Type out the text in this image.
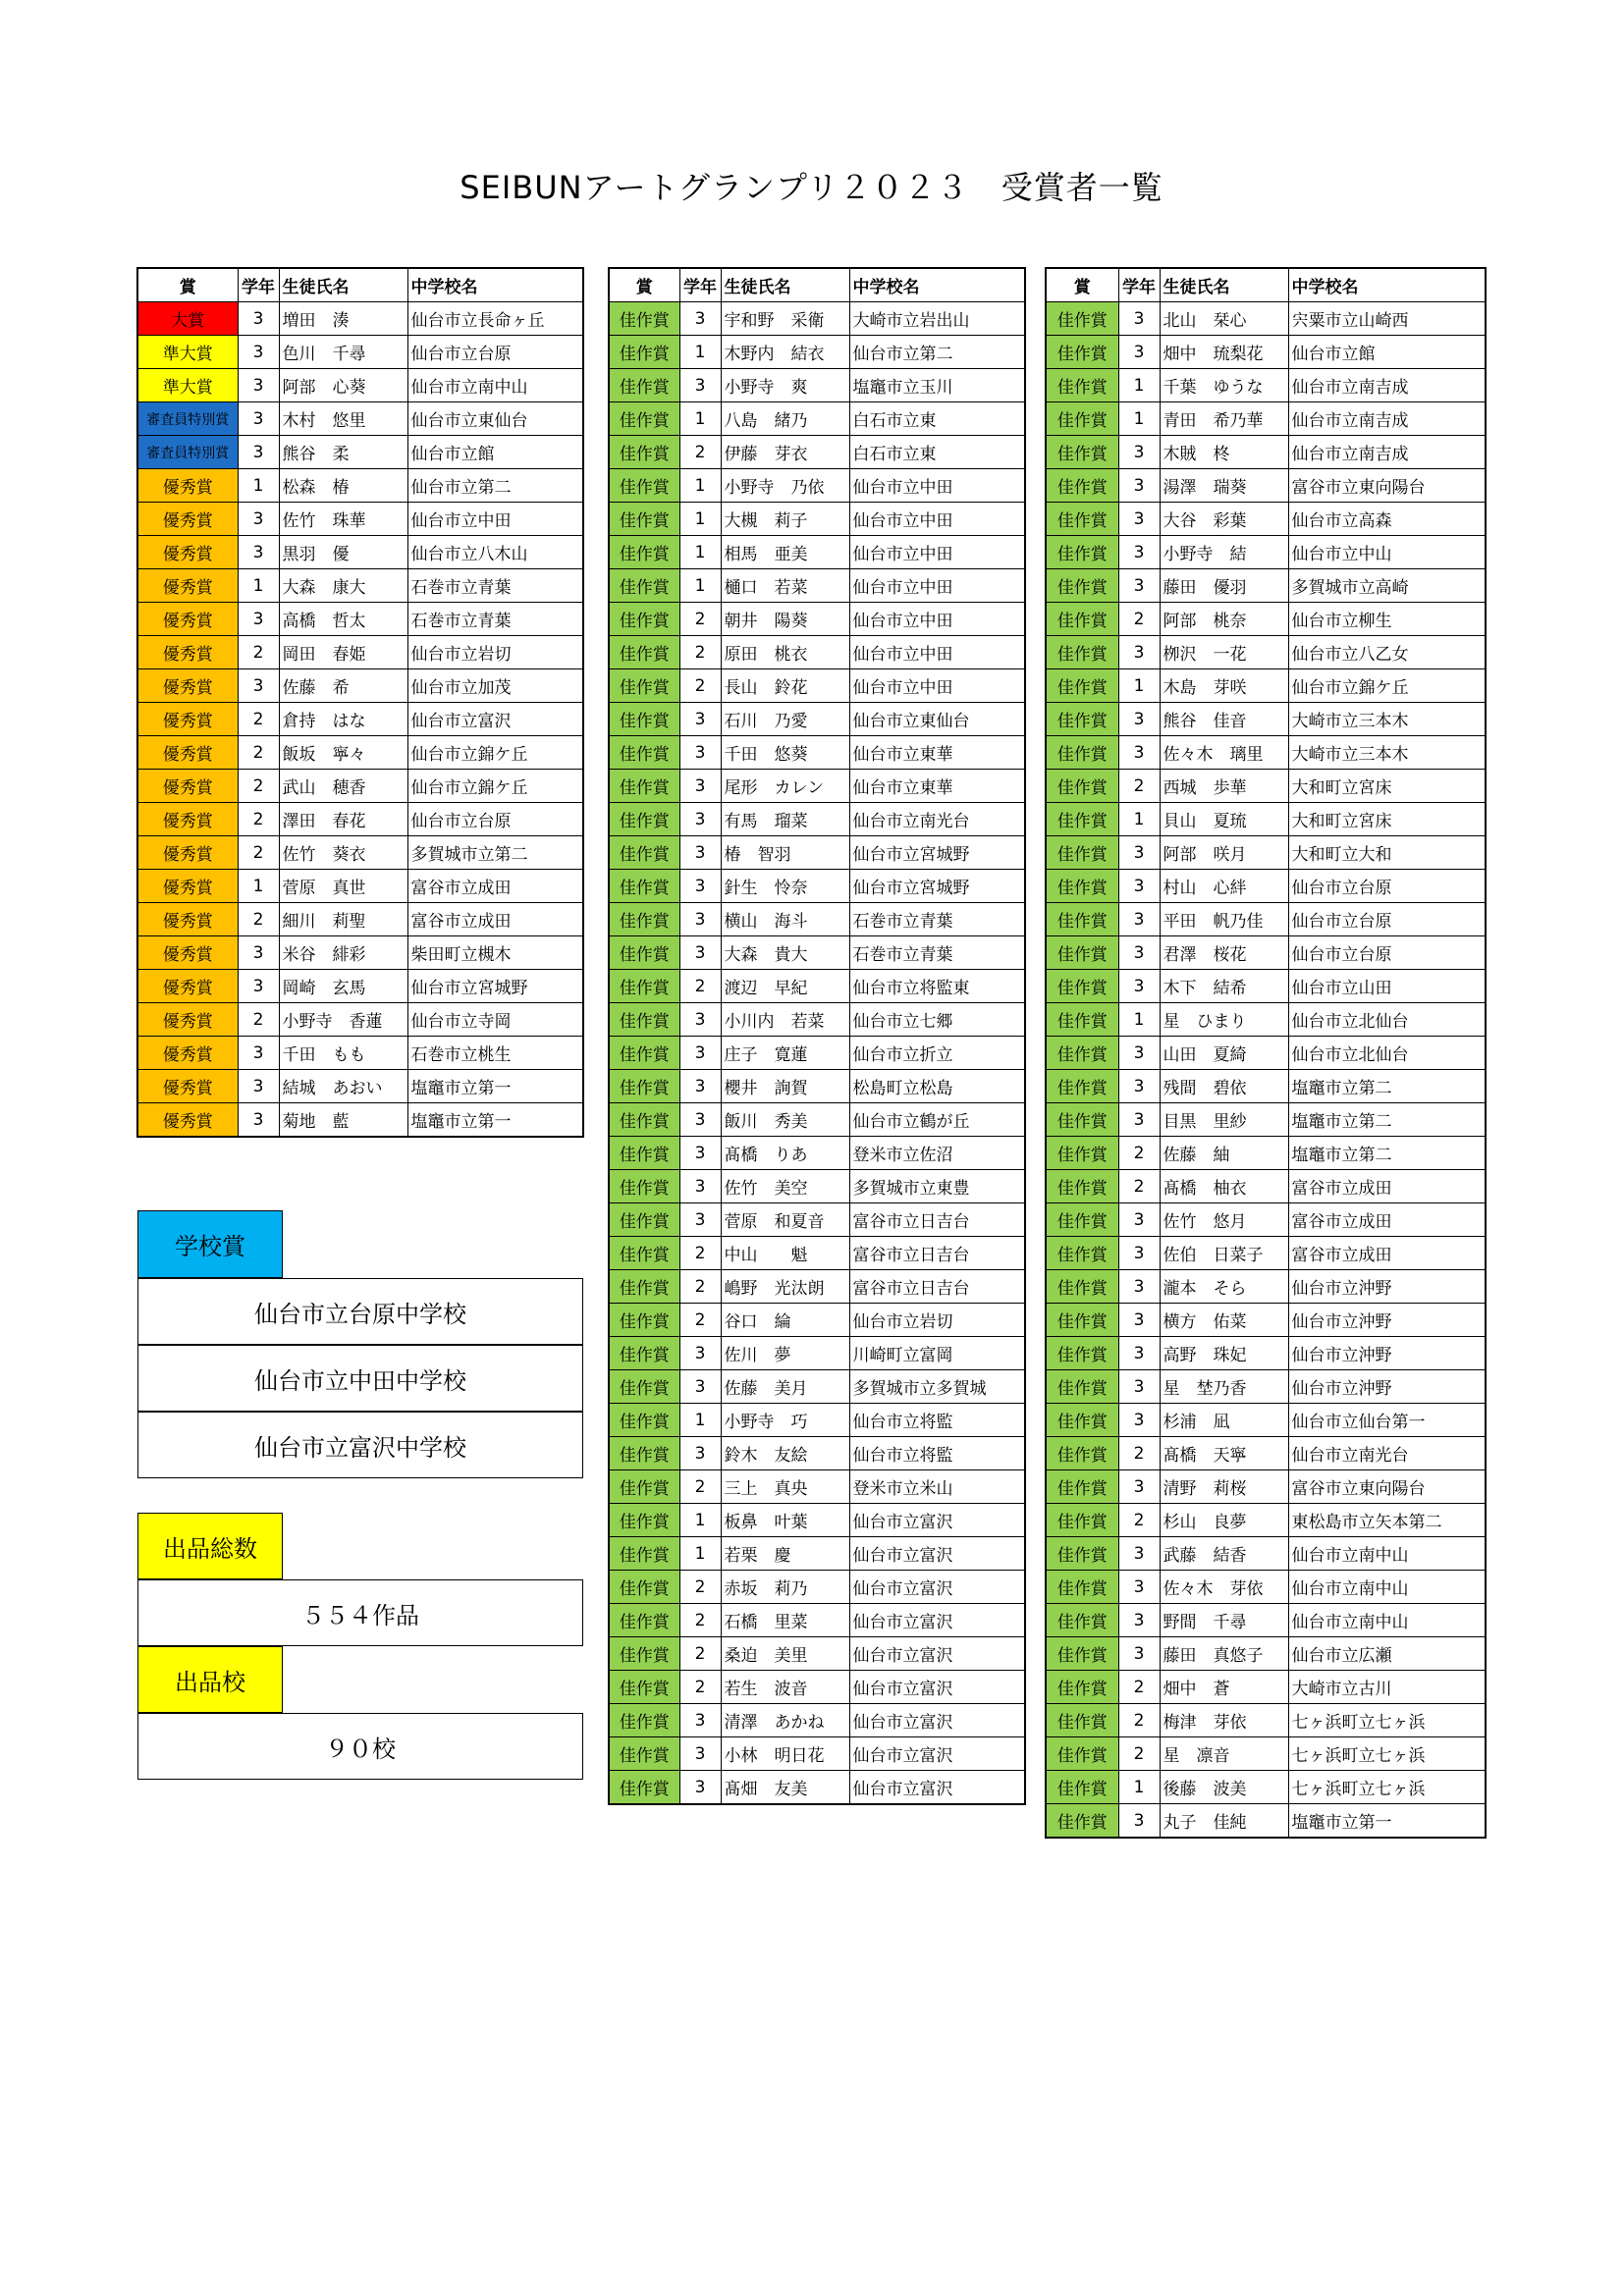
SEIBUNアートグランプリ２０２３　受賞者一覧
賞	学年	生徒氏名	中学校名
大賞	3	増田　湊	仙台市立長命ヶ丘
準大賞	3	色川　千尋	仙台市立台原
準大賞	3	阿部　心葵	仙台市立南中山
審査員特別賞	3	木村　悠里	仙台市立東仙台
審査員特別賞	3	熊谷　柔	仙台市立館
優秀賞	1	松森　椿	仙台市立第二
優秀賞	3	佐竹　珠華	仙台市立中田
優秀賞	3	黒羽　優	仙台市立八木山
優秀賞	1	大森　康大	石巻市立青葉
優秀賞	3	高橋　哲太	石巻市立青葉
優秀賞	2	岡田　春姫	仙台市立岩切
優秀賞	3	佐藤　希	仙台市立加茂
優秀賞	2	倉持　はな	仙台市立富沢
優秀賞	2	飯坂　寧々	仙台市立錦ケ丘
優秀賞	2	武山　穂香	仙台市立錦ケ丘
優秀賞	2	澤田　春花	仙台市立台原
優秀賞	2	佐竹　葵衣	多賀城市立第二
優秀賞	1	菅原　真世	富谷市立成田
優秀賞	2	細川　莉聖	富谷市立成田
優秀賞	3	米谷　緋彩	柴田町立槻木
優秀賞	3	岡崎　玄馬	仙台市立宮城野
優秀賞	2	小野寺　香蓮	仙台市立寺岡
優秀賞	3	千田　もも	石巻市立桃生
優秀賞	3	結城　あおい	塩竈市立第一
優秀賞	3	菊地　藍	塩竈市立第一
賞	学年	生徒氏名	中学校名
佳作賞	3	宇和野　采衛	大崎市立岩出山
佳作賞	1	木野内　結衣	仙台市立第二
佳作賞	3	小野寺　爽	塩竈市立玉川
佳作賞	1	八島　緒乃	白石市立東
佳作賞	2	伊藤　芽衣	白石市立東
佳作賞	1	小野寺　乃依	仙台市立中田
佳作賞	1	大槻　莉子	仙台市立中田
佳作賞	1	相馬　亜美	仙台市立中田
佳作賞	1	樋口　若菜	仙台市立中田
佳作賞	2	朝井　陽葵	仙台市立中田
佳作賞	2	原田　桃衣	仙台市立中田
佳作賞	2	長山　鈴花	仙台市立中田
佳作賞	3	石川　乃愛	仙台市立東仙台
佳作賞	3	千田　悠葵	仙台市立東華
佳作賞	3	尾形　カレン	仙台市立東華
佳作賞	3	有馬　瑠菜	仙台市立南光台
佳作賞	3	椿　智羽	仙台市立宮城野
佳作賞	3	針生　怜奈	仙台市立宮城野
佳作賞	3	横山　海斗	石巻市立青葉
佳作賞	3	大森　貴大	石巻市立青葉
佳作賞	2	渡辺　早紀	仙台市立将監東
佳作賞	3	小川内　若菜	仙台市立七郷
佳作賞	3	庄子　寛蓮	仙台市立折立
佳作賞	3	櫻井　詢賀	松島町立松島
佳作賞	3	飯川　秀美	仙台市立鶴が丘
佳作賞	3	髙橋　りあ	登米市立佐沼
佳作賞	3	佐竹　美空	多賀城市立東豊
佳作賞	3	菅原　和夏音	富谷市立日吉台
佳作賞	2	中山　　魁	富谷市立日吉台
佳作賞	2	嶋野　光汰朗	富谷市立日吉台
佳作賞	2	谷口　綸	仙台市立岩切
佳作賞	3	佐川　夢	川崎町立富岡
佳作賞	3	佐藤　美月	多賀城市立多賀城
佳作賞	1	小野寺　巧	仙台市立将監
佳作賞	3	鈴木　友絵	仙台市立将監
佳作賞	2	三上　真央	登米市立米山
佳作賞	1	板鼻　叶葉	仙台市立富沢
佳作賞	1	若栗　慶	仙台市立富沢
佳作賞	2	赤坂　莉乃	仙台市立富沢
佳作賞	2	石橋　里菜	仙台市立富沢
佳作賞	2	桑迫　美里	仙台市立富沢
佳作賞	2	若生　波音	仙台市立富沢
佳作賞	3	清澤　あかね	仙台市立富沢
佳作賞	3	小林　明日花	仙台市立富沢
佳作賞	3	髙畑　友美	仙台市立富沢
賞	学年	生徒氏名	中学校名
佳作賞	3	北山　栞心	宍粟市立山崎西
佳作賞	3	畑中　琉梨花	仙台市立館
佳作賞	1	千葉　ゆうな	仙台市立南吉成
佳作賞	1	青田　希乃華	仙台市立南吉成
佳作賞	3	木賊　柊	仙台市立南吉成
佳作賞	3	湯澤　瑞葵	富谷市立東向陽台
佳作賞	3	大谷　彩葉	仙台市立高森
佳作賞	3	小野寺　結	仙台市立中山
佳作賞	3	藤田　優羽	多賀城市立高崎
佳作賞	2	阿部　桃奈	仙台市立柳生
佳作賞	3	栁沢　一花	仙台市立八乙女
佳作賞	1	木島　芽咲	仙台市立錦ケ丘
佳作賞	3	熊谷　佳音	大崎市立三本木
佳作賞	3	佐々木　璃里	大崎市立三本木
佳作賞	2	西城　歩華	大和町立宮床
佳作賞	1	貝山　夏琉	大和町立宮床
佳作賞	3	阿部　咲月	大和町立大和
佳作賞	3	村山　心絆	仙台市立台原
佳作賞	3	平田　帆乃佳	仙台市立台原
佳作賞	3	君澤　桜花	仙台市立台原
佳作賞	3	木下　結希	仙台市立山田
佳作賞	1	星　ひまり	仙台市立北仙台
佳作賞	3	山田　夏綺	仙台市立北仙台
佳作賞	3	残間　碧依	塩竈市立第二
佳作賞	3	目黒　里紗	塩竈市立第二
佳作賞	2	佐藤　紬	塩竈市立第二
佳作賞	2	髙橋　柚衣	富谷市立成田
佳作賞	3	佐竹　悠月	富谷市立成田
佳作賞	3	佐伯　日菜子	富谷市立成田
佳作賞	3	瀧本　そら	仙台市立沖野
佳作賞	3	横方　佑菜	仙台市立沖野
佳作賞	3	高野　珠妃	仙台市立沖野
佳作賞	3	星　埜乃香	仙台市立沖野
佳作賞	3	杉浦　凪	仙台市立仙台第一
佳作賞	2	髙橋　天寧	仙台市立南光台
佳作賞	3	清野　莉桜	富谷市立東向陽台
佳作賞	2	杉山　良夢	東松島市立矢本第二
佳作賞	3	武藤　結香	仙台市立南中山
佳作賞	3	佐々木　芽依	仙台市立南中山
佳作賞	3	野間　千尋	仙台市立南中山
佳作賞	3	藤田　真悠子	仙台市立広瀬
佳作賞	2	畑中　蒼	大崎市立古川
佳作賞	2	梅津　芽依	七ヶ浜町立七ヶ浜
佳作賞	2	星　凛音	七ヶ浜町立七ヶ浜
佳作賞	1	後藤　波美	七ヶ浜町立七ヶ浜
佳作賞	3	丸子　佳純	塩竈市立第一
学校賞
仙台市立台原中学校
仙台市立中田中学校
仙台市立富沢中学校
出品総数
５５４作品
出品校
９０校
